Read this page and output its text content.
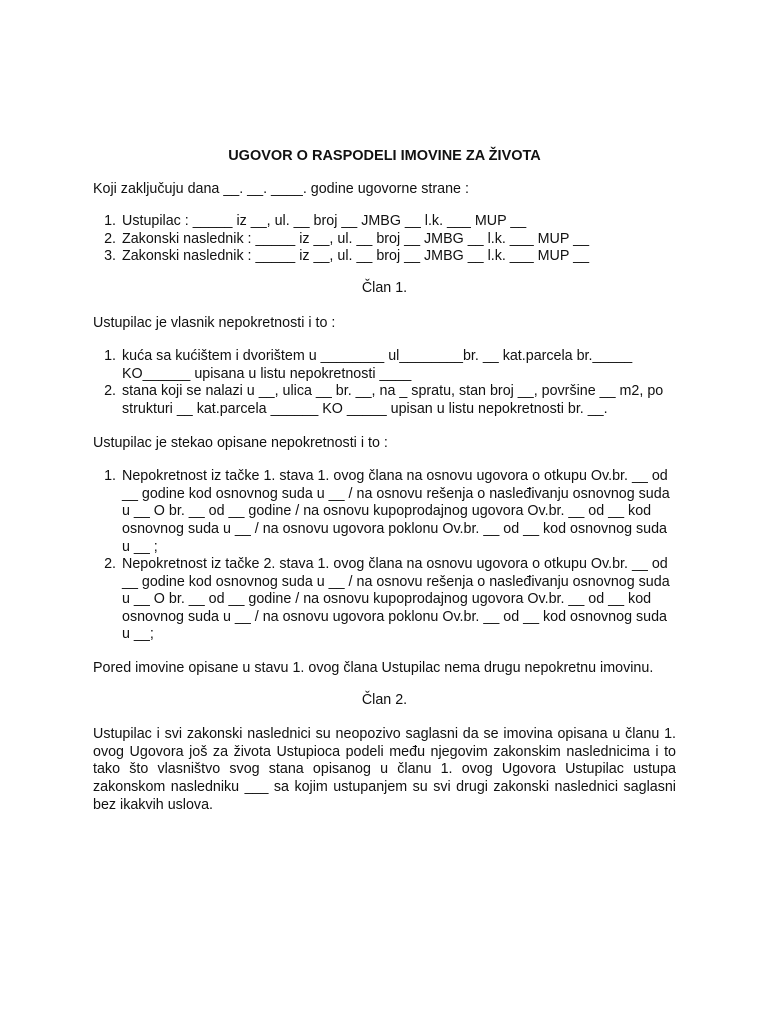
UGOVOR O RASPODELI IMOVINE ZA ŽIVOTA

Koji zaključuju dana __. __. ____. godine ugovorne strane :

1. Ustupilac : _____ iz __, ul. __ broj __ JMBG __ l.k. ___ MUP __
2. Zakonski naslednik : _____ iz __, ul. __ broj __ JMBG __ l.k. ___ MUP __
3. Zakonski naslednik : _____ iz __, ul. __ broj __ JMBG __ l.k. ___ MUP __
Član 1.

Ustupilac je vlasnik nepokretnosti i to :

1. kuća sa kućištem i dvorištem u ________ ul________br. __ kat.parcela br._____ KO______ upisana u listu nepokretnosti ____
2. stana koji se nalazi u __, ulica __ br. __, na _ spratu, stan broj __, površine __ m2, po strukturi __ kat.parcela ______ KO _____ upisan u listu nepokretnosti br. __.

Ustupilac je stekao opisane nepokretnosti i to :

1. Nepokretnost iz tačke 1. stava 1. ovog člana na osnovu ugovora o otkupu Ov.br. __ od __ godine kod osnovnog suda u __ / na osnovu rešenja o nasleđivanju osnovnog suda u __ O br. __ od __ godine / na osnovu kupoprodajnog ugovora Ov.br. __ od __ kod osnovnog suda u __ / na osnovu ugovora poklonu Ov.br. __ od __ kod osnovnog suda u __ ;
2. Nepokretnost iz tačke 2. stava 1. ovog člana na osnovu ugovora o otkupu Ov.br. __ od __ godine kod osnovnog suda u __ / na osnovu rešenja o nasleđivanju osnovnog suda u __ O br. __ od __ godine / na osnovu kupoprodajnog ugovora Ov.br. __ od __ kod osnovnog suda u __ / na osnovu ugovora poklonu Ov.br. __ od __ kod osnovnog suda u __;

Pored imovine opisane u stavu 1. ovog člana Ustupilac nema drugu nepokretnu imovinu.

Član 2.

Ustupilac i svi zakonski naslednici su neopozivo saglasni da se imovina opisana u članu 1. ovog Ugovora još za života Ustupioca podeli među njegovim zakonskim naslednicima i to tako što vlasništvo svog stana opisanog u članu 1. ovog Ugovora Ustupilac ustupa zakonskom nasledniku ___ sa kojim ustupanjem su svi drugi zakonski naslednici saglasni bez ikakvih uslova.
